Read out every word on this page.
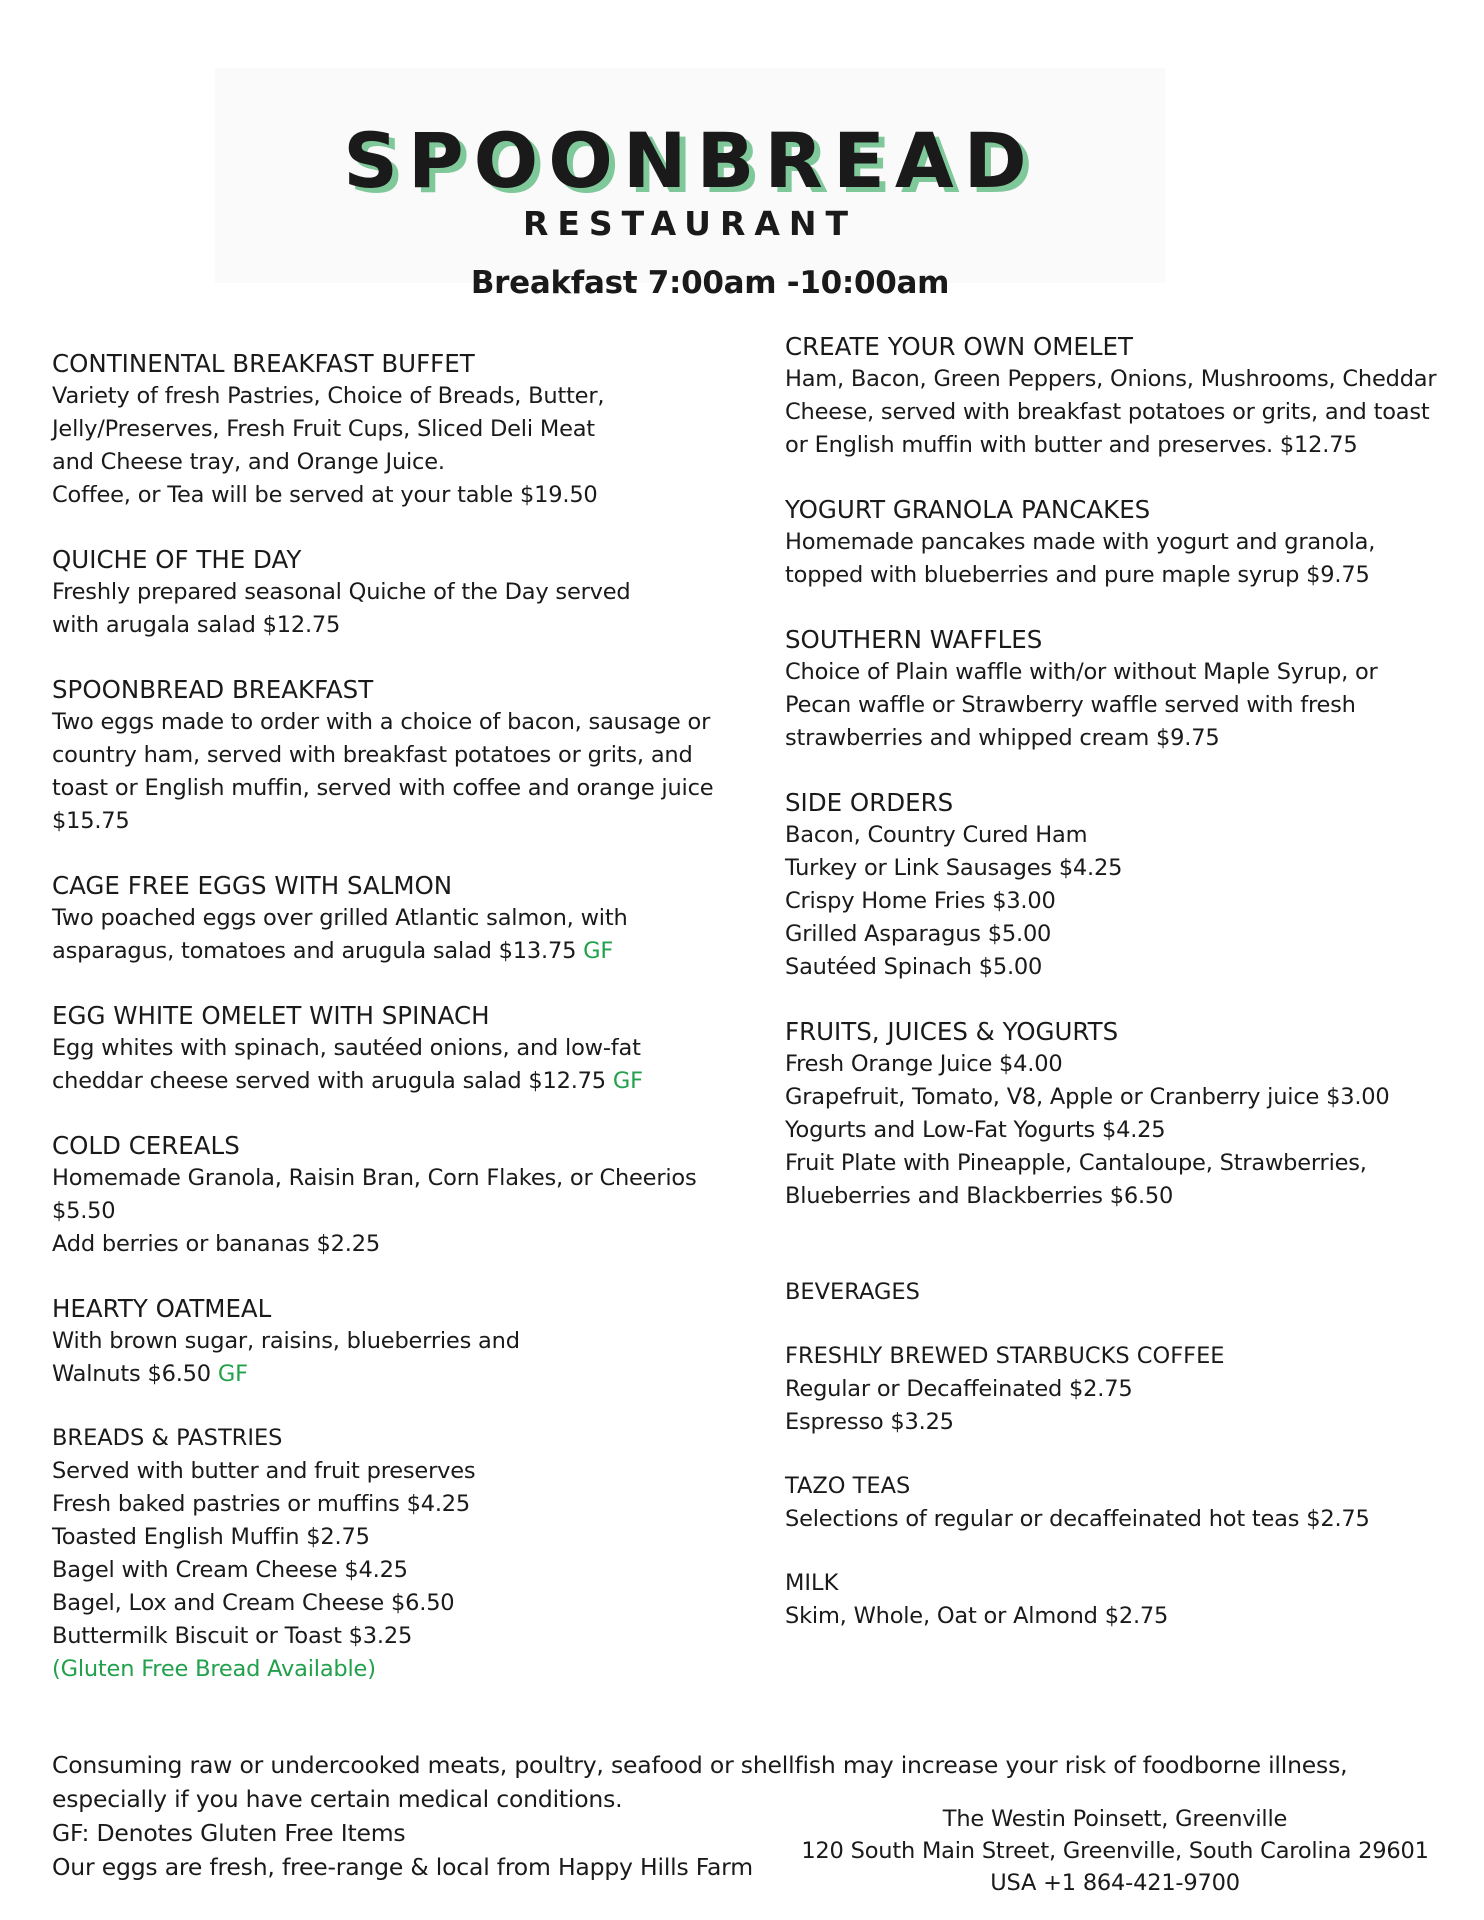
SPOONBREAD
RESTAURANT
Breakfast 7:00am -10:00am
CONTINENTAL BREAKFAST BUFFET
Variety of fresh Pastries, Choice of Breads, Butter,
Jelly/Preserves, Fresh Fruit Cups, Sliced Deli Meat
and Cheese tray, and Orange Juice.
Coffee, or Tea will be served at your table $19.50
QUICHE OF THE DAY
Freshly prepared seasonal Quiche of the Day served
with arugala salad $12.75
SPOONBREAD BREAKFAST
Two eggs made to order with a choice of bacon, sausage or
country ham, served with breakfast potatoes or grits, and
toast or English muffin, served with coffee and orange juice
$15.75
CAGE FREE EGGS WITH SALMON
Two poached eggs over grilled Atlantic salmon, with
asparagus, tomatoes and arugula salad $13.75 GF
EGG WHITE OMELET WITH SPINACH
Egg whites with spinach, sautéed onions, and low-fat
cheddar cheese served with arugula salad $12.75 GF
COLD CEREALS
Homemade Granola, Raisin Bran, Corn Flakes, or Cheerios
$5.50
Add berries or bananas $2.25
HEARTY OATMEAL
With brown sugar, raisins, blueberries and
Walnuts $6.50 GF
BREADS & PASTRIES
Served with butter and fruit preserves
Fresh baked pastries or muffins $4.25
Toasted English Muffin $2.75
Bagel with Cream Cheese $4.25
Bagel, Lox and Cream Cheese $6.50
Buttermilk Biscuit or Toast $3.25
(Gluten Free Bread Available)
CREATE YOUR OWN OMELET
Ham, Bacon, Green Peppers, Onions, Mushrooms, Cheddar
Cheese, served with breakfast potatoes or grits, and toast
or English muffin with butter and preserves. $12.75
YOGURT GRANOLA PANCAKES
Homemade pancakes made with yogurt and granola,
topped with blueberries and pure maple syrup $9.75
SOUTHERN WAFFLES
Choice of Plain waffle with/or without Maple Syrup, or
Pecan waffle or Strawberry waffle served with fresh
strawberries and whipped cream $9.75
SIDE ORDERS
Bacon, Country Cured Ham
Turkey or Link Sausages $4.25
Crispy Home Fries $3.00
Grilled Asparagus $5.00
Sautéed Spinach $5.00
FRUITS, JUICES & YOGURTS
Fresh Orange Juice $4.00
Grapefruit, Tomato, V8, Apple or Cranberry juice $3.00
Yogurts and Low-Fat Yogurts $4.25
Fruit Plate with Pineapple, Cantaloupe, Strawberries,
Blueberries and Blackberries $6.50
BEVERAGES
FRESHLY BREWED STARBUCKS COFFEE
Regular or Decaffeinated $2.75
Espresso $3.25
TAZO TEAS
Selections of regular or decaffeinated hot teas $2.75
MILK
Skim, Whole, Oat or Almond $2.75
Consuming raw or undercooked meats, poultry, seafood or shellfish may increase your risk of foodborne illness, especially if you have certain medical conditions.
GF: Denotes Gluten Free Items
Our eggs are fresh, free-range & local from Happy Hills Farm
The Westin Poinsett, Greenville
120 South Main Street, Greenville, South Carolina 29601
USA +1 864-421-9700
